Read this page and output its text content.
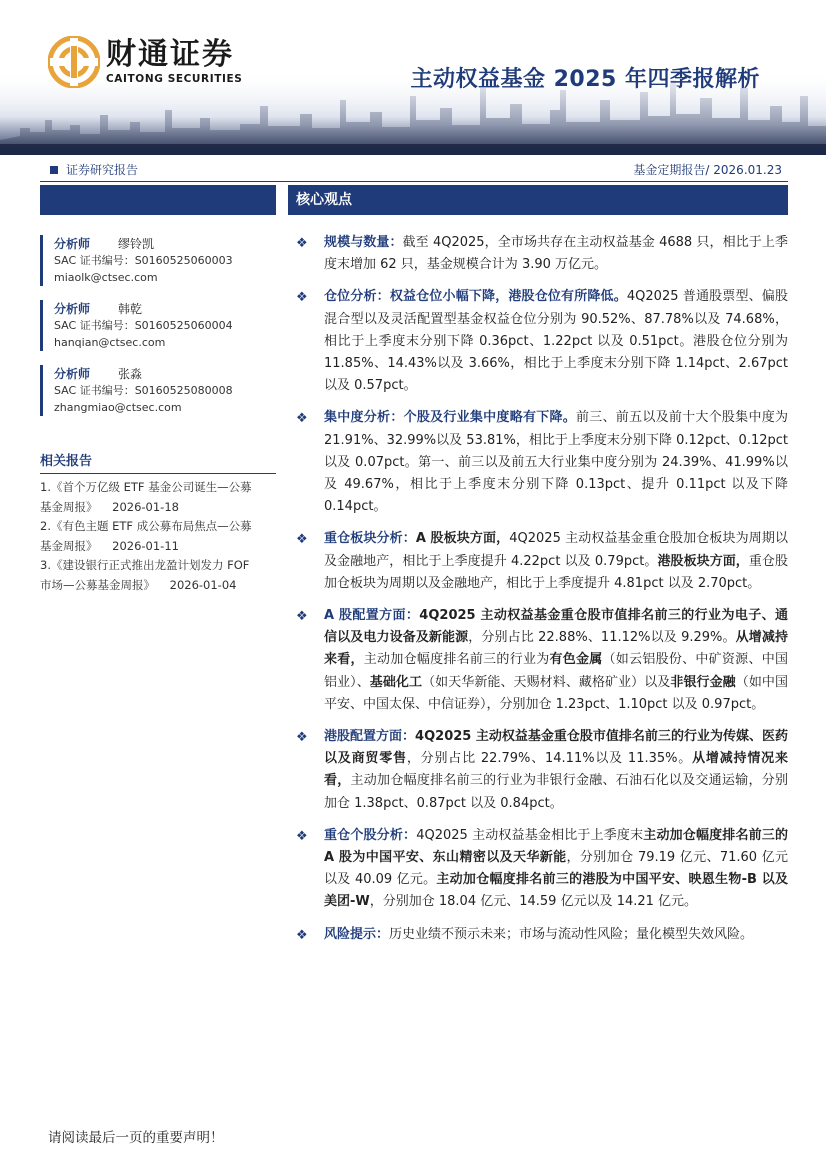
财通证券
CAITONG SECURITIES	主动权益基金 2025 年四季报解析
证券研究报告	基金定期报告/ 2026.01.23
分析师	缪铃凯
SAC 证书编号：S0160525060003
miaolk@ctsec.com
分析师	韩乾
SAC 证书编号：S0160525060004
hanqian@ctsec.com
分析师	张淼
SAC 证书编号：S0160525080008
zhangmiao@ctsec.com
相关报告
1.《首个万亿级 ETF 基金公司诞生—公募
基金周报》    2026-01-18
2.《有色主题 ETF 成公募布局焦点—公募
基金周报》    2026-01-11
3.《建设银行正式推出龙盈计划发力 FOF
市场—公募基金周报》    2026-01-04
核心观点
❖ 规模与数量：截至 4Q2025，全市场共存在主动权益基金 4688 只，相比于上季度末增加 62 只，基金规模合计为 3.90 万亿元。
❖ 仓位分析：权益仓位小幅下降，港股仓位有所降低。4Q2025 普通股票型、偏股混合型以及灵活配置型基金权益仓位分别为 90.52%、87.78%以及 74.68%，相比于上季度末分别下降 0.36pct、1.22pct 以及 0.51pct。港股仓位分别为 11.85%、14.43%以及 3.66%，相比于上季度末分别下降 1.14pct、2.67pct 以及 0.57pct。
❖ 集中度分析：个股及行业集中度略有下降。前三、前五以及前十大个股集中度为 21.91%、32.99%以及 53.81%，相比于上季度末分别下降 0.12pct、0.12pct 以及 0.07pct。第一、前三以及前五大行业集中度分别为 24.39%、41.99%以及 49.67%，相比于上季度末分别下降 0.13pct、提升 0.11pct 以及下降 0.14pct。
❖ 重仓板块分析：A 股板块方面，4Q2025 主动权益基金重仓股加仓板块为周期以及金融地产，相比于上季度提升 4.22pct 以及 0.79pct。港股板块方面，重仓股加仓板块为周期以及金融地产，相比于上季度提升 4.81pct 以及 2.70pct。
❖ A 股配置方面：4Q2025 主动权益基金重仓股市值排名前三的行业为电子、通信以及电力设备及新能源，分别占比 22.88%、11.12%以及 9.29%。从增减持来看，主动加仓幅度排名前三的行业为有色金属（如云铝股份、中矿资源、中国铝业）、基础化工（如天华新能、天赐材料、藏格矿业）以及非银行金融（如中国平安、中国太保、中信证券），分别加仓 1.23pct、1.10pct 以及 0.97pct。
❖ 港股配置方面：4Q2025 主动权益基金重仓股市值排名前三的行业为传媒、医药以及商贸零售，分别占比 22.79%、14.11%以及 11.35%。从增减持情况来看，主动加仓幅度排名前三的行业为非银行金融、石油石化以及交通运输，分别加仓 1.38pct、0.87pct 以及 0.84pct。
❖ 重仓个股分析：4Q2025 主动权益基金相比于上季度末主动加仓幅度排名前三的 A 股为中国平安、东山精密以及天华新能，分别加仓 79.19 亿元、71.60 亿元以及 40.09 亿元。主动加仓幅度排名前三的港股为中国平安、映恩生物-B 以及美团-W，分别加仓 18.04 亿元、14.59 亿元以及 14.21 亿元。
❖ 风险提示：历史业绩不预示未来；市场与流动性风险；量化模型失效风险。
请阅读最后一页的重要声明！
